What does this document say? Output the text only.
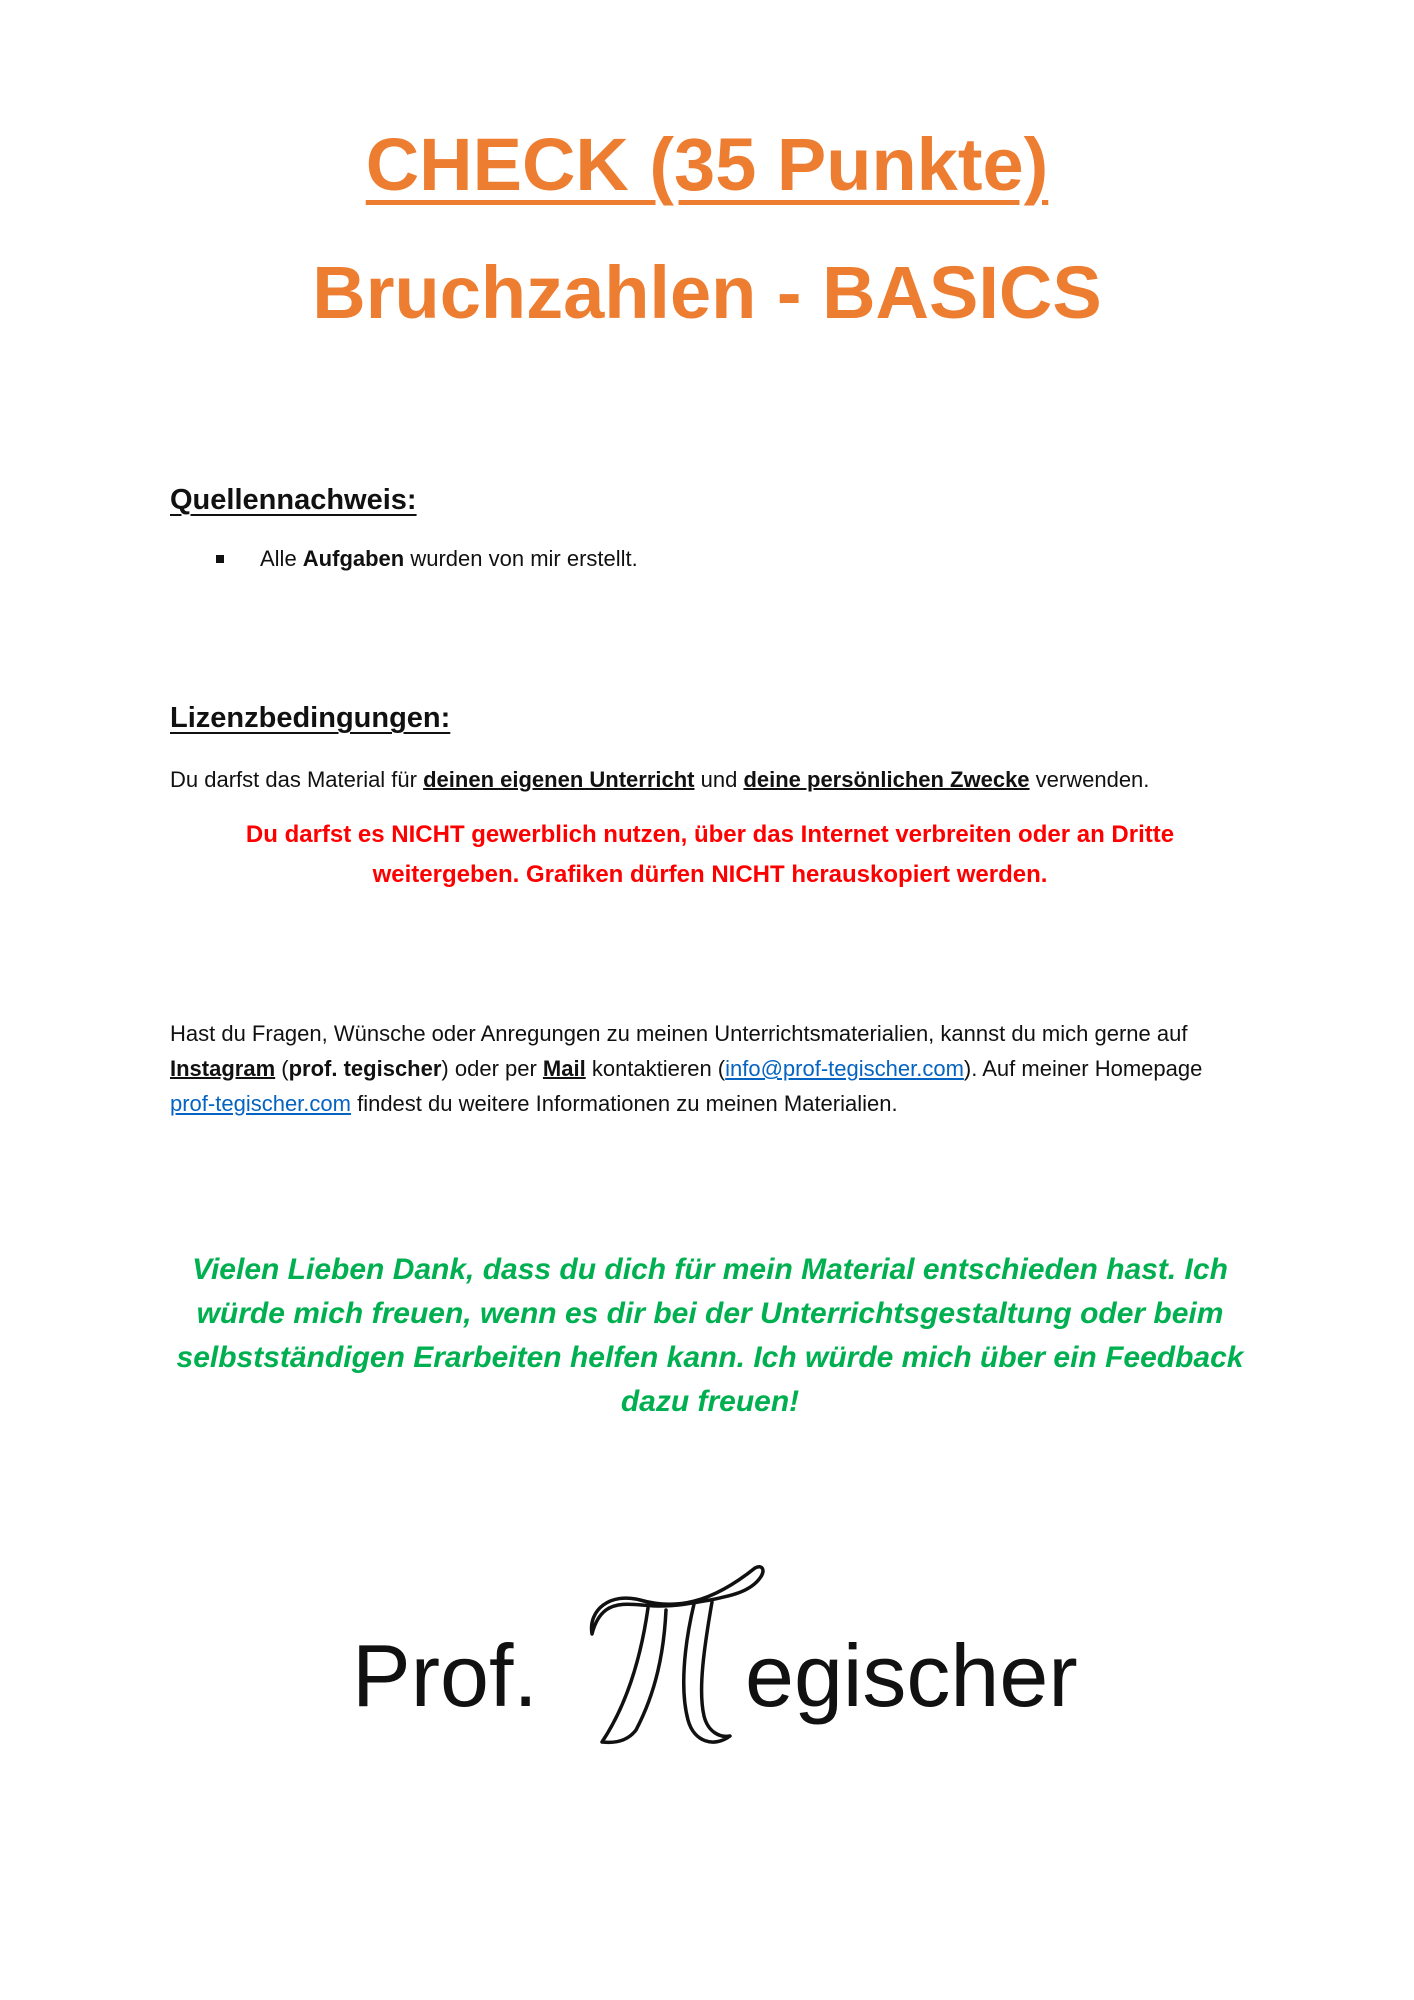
CHECK (35 Punkte)
Bruchzahlen - BASICS
Quellennachweis:
Alle Aufgaben wurden von mir erstellt.
Lizenzbedingungen:

Du darfst das Material für deinen eigenen Unterricht und deine persönlichen Zwecke verwenden.

Du darfst es NICHT gewerblich nutzen, über das Internet verbreiten oder an Dritte weitergeben. Grafiken dürfen NICHT herauskopiert werden.

Hast du Fragen, Wünsche oder Anregungen zu meinen Unterrichtsmaterialien, kannst du mich gerne auf Instagram (prof. tegischer) oder per Mail kontaktieren (info@prof-tegischer.com). Auf meiner Homepage prof-tegischer.com findest du weitere Informationen zu meinen Materialien.

Vielen Lieben Dank, dass du dich für mein Material entschieden hast. Ich würde mich freuen, wenn es dir bei der Unterrichtsgestaltung oder beim selbstständigen Erarbeiten helfen kann. Ich würde mich über ein Feedback dazu freuen!

Prof. egischer
